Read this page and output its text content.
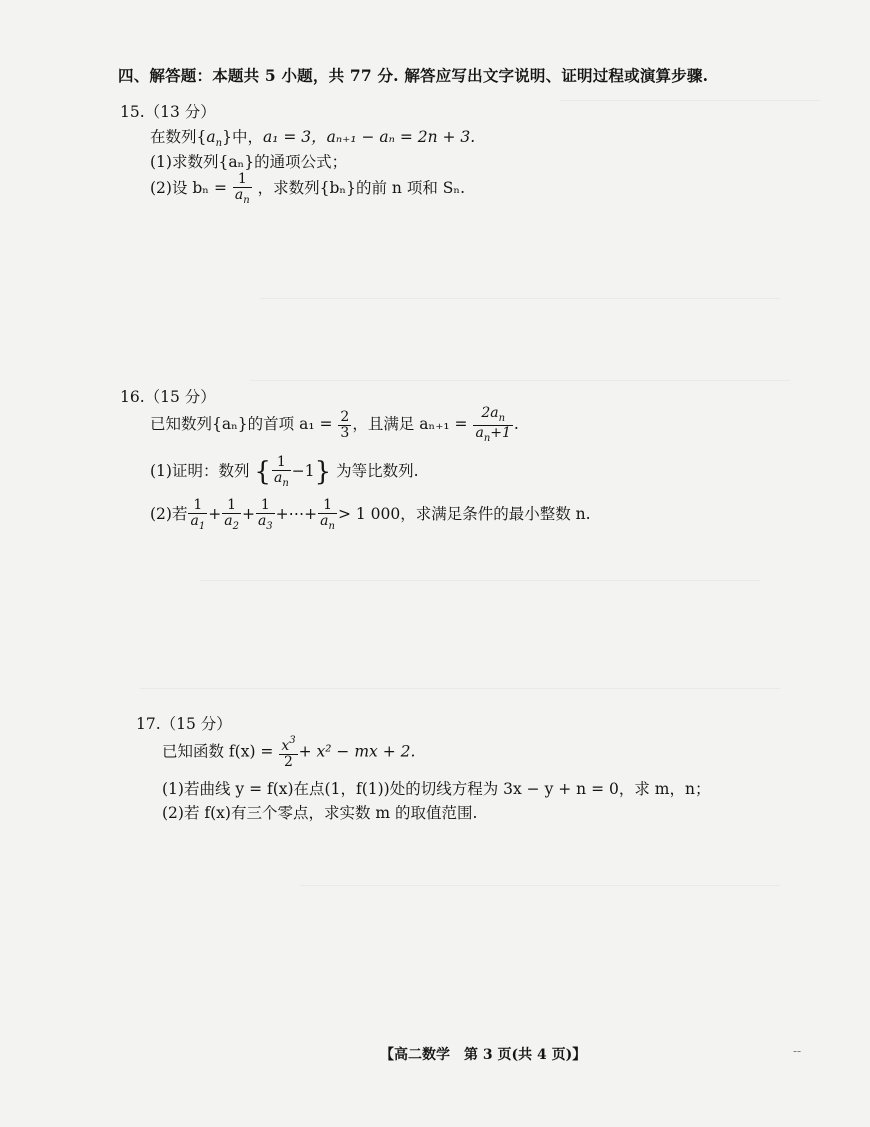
四、解答题：本题共 5 小题，共 77 分. 解答应写出文字说明、证明过程或演算步骤.
15.（13 分）
在数列$\{a_n\}$中，a₁ = 3，aₙ₊₁ − aₙ = 2n + 3.
(1)求数列{aₙ}的通项公式；
(2)设 $b_n = \frac{1}{a_n}$ ，求数列{bₙ}的前 n 项和 Sₙ.
16.（15 分）
已知数列{aₙ}的首项 $a_1 = \frac{2}{3}$ ，且满足 $a_{n+1} = \frac{2a_n}{a_n+1}$ .
(1)证明：数列 { $\frac{1}{a_n} -1$} 为等比数列.
(2)若 $\frac{1}{a_1} + \frac{1}{a_2} + \frac{1}{a_3}$ +⋯+ $\frac{1}{a_n} > 1$ 000，求满足条件的最小整数 n.
17.（15 分）
已知函数 $f(x) = \frac{x^3}{2} + x^2$ − mx + 2.
(1)若曲线 y = f(x)在点(1，f(1))处的切线方程为 3x − y + n = 0，求 m，n；
(2)若 f(x)有三个零点，求实数 m 的取值范围.
【高二数学　第 3 页(共 4 页)】	--
